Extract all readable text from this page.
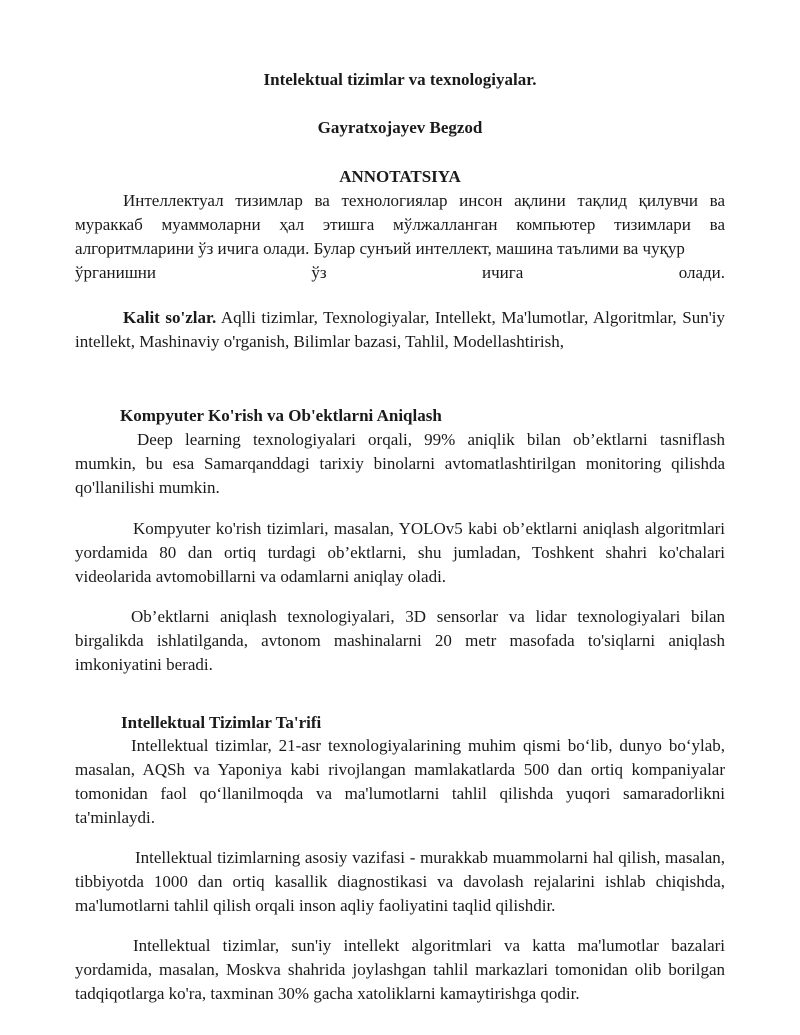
Intelektual tizimlar va texnologiyalar.
Gayratxojayev Begzod
ANNOTATSIYA
Интеллектуал тизимлар ва технологиялар инсон ақлини тақлид қилувчи ва мураккаб муаммоларни ҳал этишга мўлжалланган компьютер тизимлари ва алгоритмларини ўз ичига олади. Булар сунъий интеллект, машина таълими ва чуқур
ўрганишни ўз ичига олади.
Kalit so'zlar. Aqlli tizimlar, Texnologiyalar, Intellekt, Ma'lumotlar, Algoritmlar, Sun'iy intellekt, Mashinaviy o'rganish, Bilimlar bazasi, Tahlil, Modellashtirish,
Kompyuter Ko'rish va Ob'ektlarni Aniqlash
Deep learning texnologiyalari orqali, 99% aniqlik bilan ob’ektlarni tasniflash mumkin, bu esa Samarqanddagi tarixiy binolarni avtomatlashtirilgan monitoring qilishda qo'llanilishi mumkin.
Kompyuter ko'rish tizimlari, masalan, YOLOv5 kabi ob’ektlarni aniqlash algoritmlari yordamida 80 dan ortiq turdagi ob’ektlarni, shu jumladan, Toshkent shahri ko'chalari videolarida avtomobillarni va odamlarni aniqlay oladi.
Ob’ektlarni aniqlash texnologiyalari, 3D sensorlar va lidar texnologiyalari bilan birgalikda ishlatilganda, avtonom mashinalarni 20 metr masofada to'siqlarni aniqlash imkoniyatini beradi.
Intellektual Tizimlar Ta'rifi
Intellektual tizimlar, 21-asr texnologiyalarining muhim qismi bo‘lib, dunyo bo‘ylab, masalan, AQSh va Yaponiya kabi rivojlangan mamlakatlarda 500 dan ortiq kompaniyalar tomonidan faol qo‘llanilmoqda va ma'lumotlarni tahlil qilishda yuqori samaradorlikni ta'minlaydi.
Intellektual tizimlarning asosiy vazifasi - murakkab muammolarni hal qilish, masalan, tibbiyotda 1000 dan ortiq kasallik diagnostikasi va davolash rejalarini ishlab chiqishda, ma'lumotlarni tahlil qilish orqali inson aqliy faoliyatini taqlid qilishdir.
Intellektual tizimlar, sun'iy intellekt algoritmlari va katta ma'lumotlar bazalari yordamida, masalan, Moskva shahrida joylashgan tahlil markazlari tomonidan olib borilgan tadqiqotlarga ko'ra, taxminan 30% gacha xatoliklarni kamaytirishga qodir.
